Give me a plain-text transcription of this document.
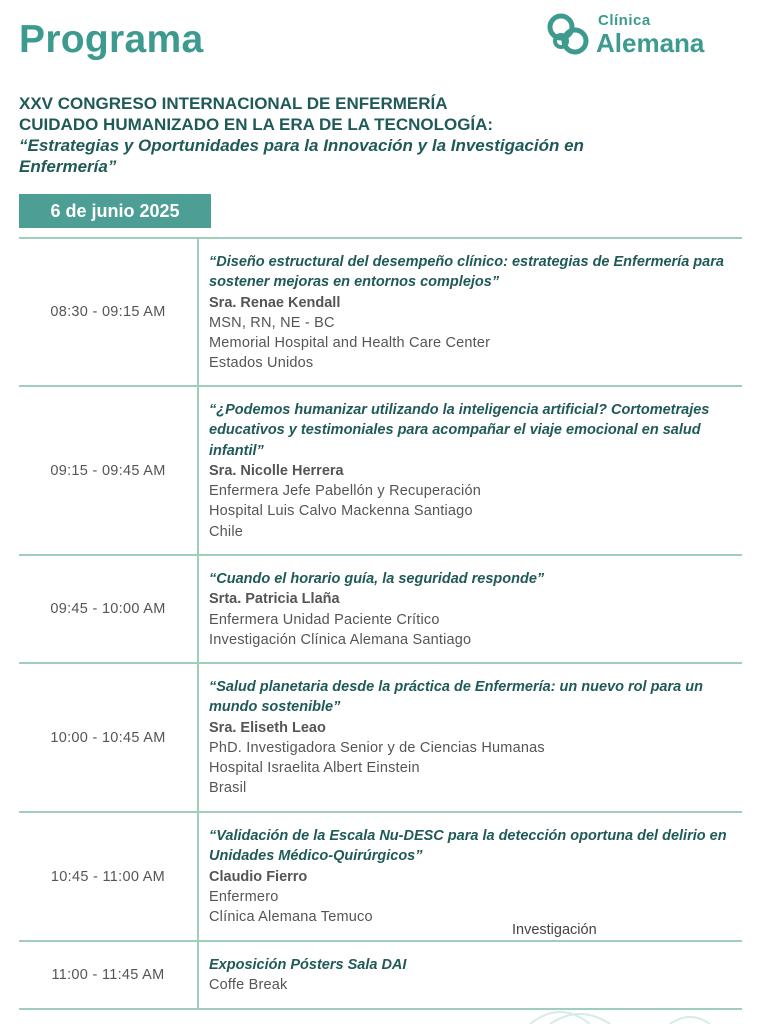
Programa	Clínica
Alemana
XXV CONGRESO INTERNACIONAL DE ENFERMERÍA
CUIDADO HUMANIZADO EN LA ERA DE LA TECNOLOGÍA:
“Estrategias y Oportunidades para la Innovación y la Investigación en Enfermería”
6 de junio 2025
08:30 - 09:15 AM
“Diseño estructural del desempeño clínico: estrategias de Enfermería para sostener mejoras en entornos complejos”
Sra. Renae Kendall
MSN, RN, NE - BC
Memorial Hospital and Health Care Center
Estados Unidos
09:15 - 09:45 AM
“¿Podemos humanizar utilizando la inteligencia artificial? Cortometrajes educativos y testimoniales para acompañar el viaje emocional en salud infantil”
Sra. Nicolle Herrera
Enfermera Jefe Pabellón y Recuperación
Hospital Luis Calvo Mackenna Santiago
Chile
09:45 - 10:00 AM
“Cuando el horario guía, la seguridad responde”
Srta. Patricia Llaña
Enfermera Unidad Paciente Crítico
Investigación Clínica Alemana Santiago
10:00 - 10:45 AM
“Salud planetaria desde la práctica de Enfermería: un nuevo rol para un mundo sostenible”
Sra. Eliseth Leao
PhD. Investigadora Senior y de Ciencias Humanas
Hospital Israelita Albert Einstein
Brasil
10:45 - 11:00 AM
“Validación de la Escala Nu-DESC para la detección oportuna del delirio en Unidades Médico-Quirúrgicos”
Claudio Fierro
Enfermero
Clínica Alemana Temuco
Investigación
11:00 - 11:45 AM
Exposición Pósters Sala DAI
Coffe Break
